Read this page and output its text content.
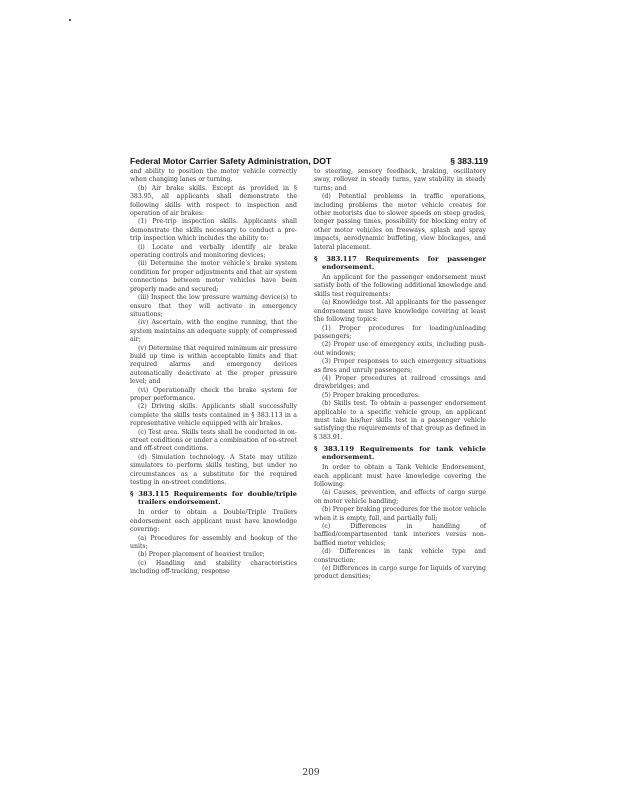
Federal Motor Carrier Safety Administration, DOT	§ 383.119

and ability to position the motor vehicle correctly when changing lanes or turning.

(b) Air brake skills. Except as provided in § 383.95, all applicants shall demonstrate the following skills with respect to inspection and operation of air brakes:

(1) Pre-trip inspection skills. Applicants shall demonstrate the skills necessary to conduct a pre-trip inspection which includes the ability to:

(i) Locate and verbally identify air brake operating controls and monitoring devices;

(ii) Determine the motor vehicle's brake system condition for proper adjustments and that air system connections between motor vehicles have been properly made and secured;

(iii) Inspect the low pressure warning device(s) to ensure that they will activate in emergency situations;

(iv) Ascertain, with the engine running, that the system maintains an adequate supply of compressed air;

(v) Determine that required minimum air pressure build up time is within acceptable limits and that required alarms and emergency devices automatically deactivate at the proper pressure level; and

(vi) Operationally check the brake system for proper performance.

(2) Driving skills. Applicants shall successfully complete the skills tests contained in § 383.113 in a representative vehicle equipped with air brakes.

(c) Test area. Skills tests shall be conducted in on-street conditions or under a combination of on-street and off-street conditions.

(d) Simulation technology. A State may utilize simulators to perform skills testing, but under no circumstances as a substitute for the required testing in on-street conditions.

§ 383.115 Requirements for double/triple trailers endorsement.

In order to obtain a Double/Triple Trailers endorsement each applicant must have knowledge covering:

(a) Procedures for assembly and hookup of the units;

(b) Proper placement of heaviest trailer;

(c) Handling and stability characteristics including off-tracking, response

to steering, sensory feedback, braking, oscillatory sway, rollover in steady turns, yaw stability in steady turns; and

(d) Potential problems in traffic operations, including problems the motor vehicle creates for other motorists due to slower speeds on steep grades, longer passing times, possibility for blocking entry of other motor vehicles on freeways, splash and spray impacts, aerodynamic buffeting, view blockages, and lateral placement.

§ 383.117 Requirements for passenger endorsement.

An applicant for the passenger endorsement must satisfy both of the following additional knowledge and skills test requirements:

(a) Knowledge test. All applicants for the passenger endorsement must have knowledge covering at least the following topics:

(1) Proper procedures for loading/unloading passengers;

(2) Proper use of emergency exits, including push-out windows;

(3) Proper responses to such emergency situations as fires and unruly passengers;

(4) Proper procedures at railroad crossings and drawbridges; and

(5) Proper braking procedures.

(b) Skills test. To obtain a passenger endorsement applicable to a specific vehicle group, an applicant must take his/her skills test in a passenger vehicle satisfying the requirements of that group as defined in § 383.91.

§ 383.119 Requirements for tank vehicle endorsement.

In order to obtain a Tank Vehicle Endorsement, each applicant must have knowledge covering the following:

(a) Causes, prevention, and effects of cargo surge on motor vehicle handling;

(b) Proper braking procedures for the motor vehicle when it is empty, full, and partially full;

(c) Differences in handling of baffled/compartmented tank interiors versus non-baffled motor vehicles;

(d) Differences in tank vehicle type and construction;

(e) Differences in cargo surge for liquids of varying product densities;

209
